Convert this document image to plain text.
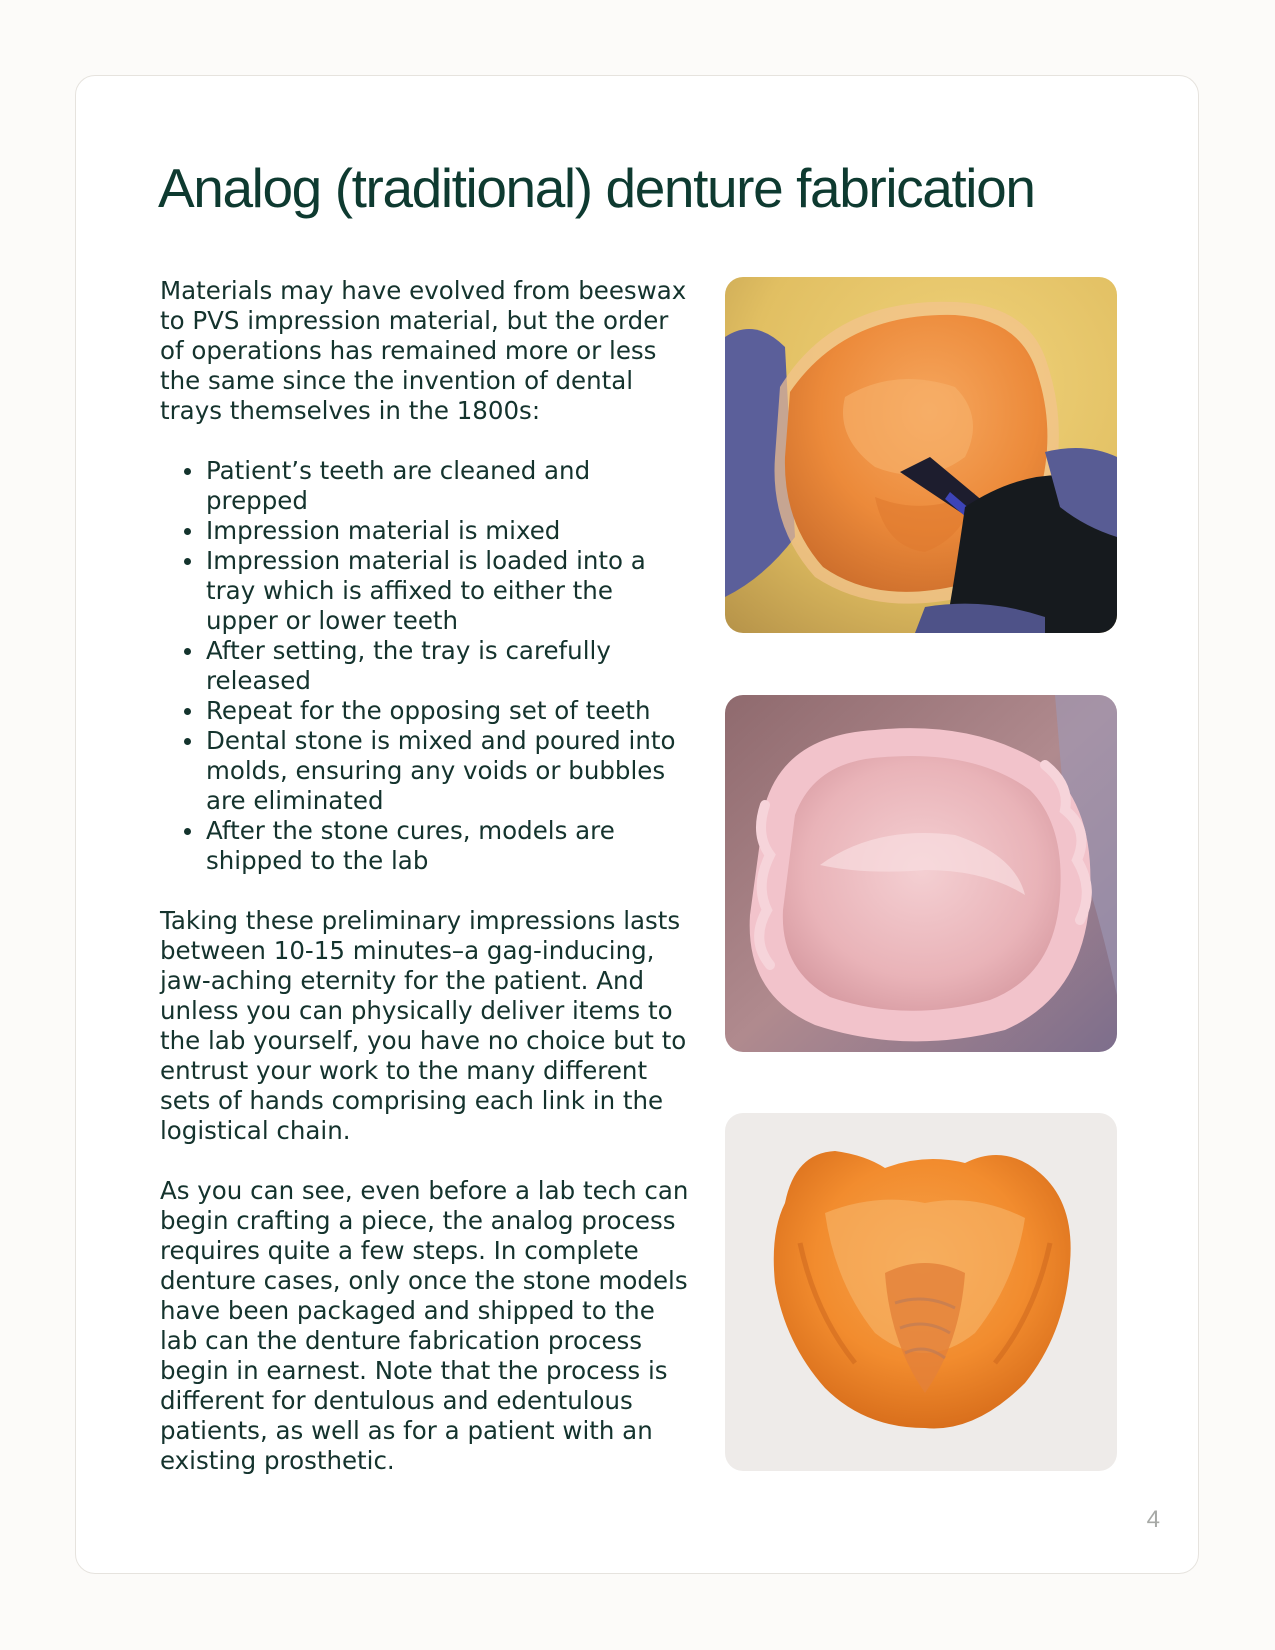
Analog (traditional) denture fabrication

Materials may have evolved from beeswax to PVS impression material, but the order of operations has remained more or less the same since the invention of dental trays themselves in the 1800s:

Patient’s teeth are cleaned and prepped
Impression material is mixed
Impression material is loaded into a tray which is affixed to either the upper or lower teeth
After setting, the tray is carefully released
Repeat for the opposing set of teeth
Dental stone is mixed and poured into molds, ensuring any voids or bubbles are eliminated
After the stone cures, models are shipped to the lab

Taking these preliminary impressions lasts between 10-15 minutes–a gag-inducing, jaw-aching eternity for the patient. And unless you can physically deliver items to the lab yourself, you have no choice but to entrust your work to the many different sets of hands comprising each link in the logistical chain.

As you can see, even before a lab tech can begin crafting a piece, the analog process requires quite a few steps. In complete denture cases, only once the stone models have been packaged and shipped to the lab can the denture fabrication process begin in earnest. Note that the process is different for dentulous and edentulous patients, as well as for a patient with an existing prosthetic.

4
